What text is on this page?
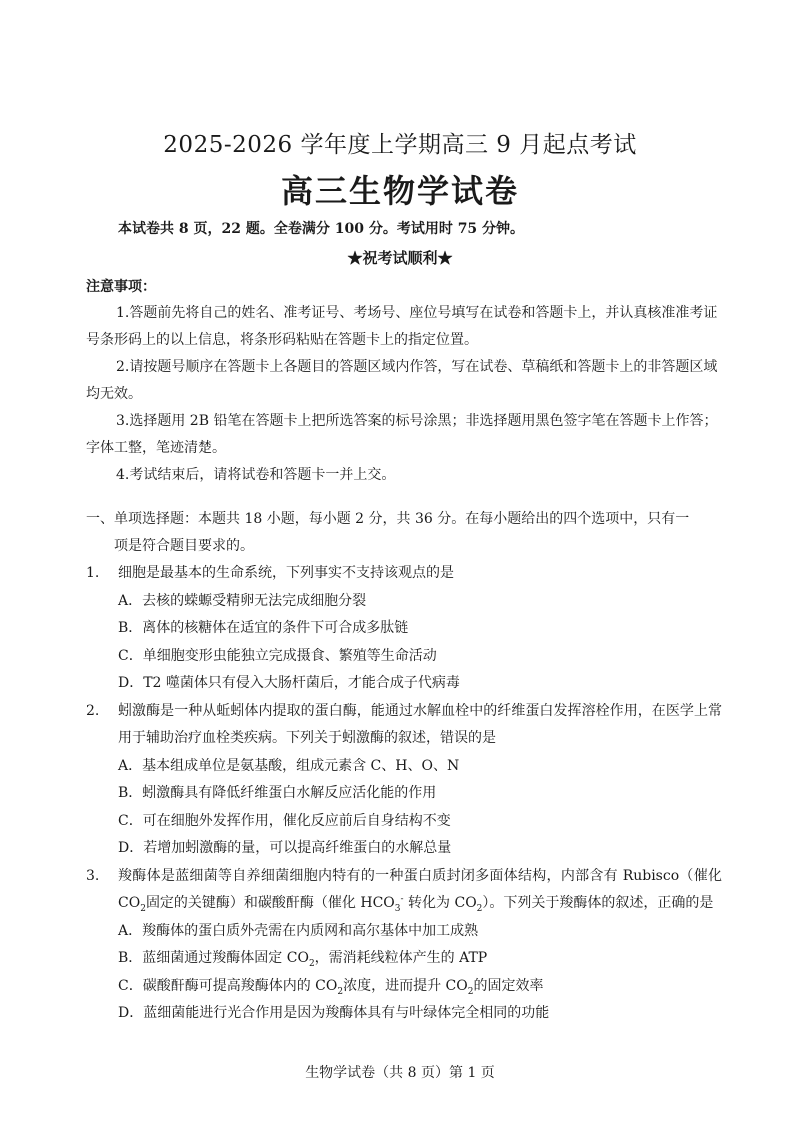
2025-2026 学年度上学期高三 9 月起点考试
高三生物学试卷
本试卷共 8 页，22 题。全卷满分 100 分。考试用时 75 分钟。
★祝考试顺利★
注意事项：

1.答题前先将自己的姓名、准考证号、考场号、座位号填写在试卷和答题卡上，并认真核准准考证号条形码上的以上信息，将条形码粘贴在答题卡上的指定位置。

2.请按题号顺序在答题卡上各题目的答题区域内作答，写在试卷、草稿纸和答题卡上的非答题区域均无效。

3.选择题用 2B 铅笔在答题卡上把所选答案的标号涂黑；非选择题用黑色签字笔在答题卡上作答；字体工整，笔迹清楚。

4.考试结束后，请将试卷和答题卡一并上交。

一、单项选择题：本题共 18 小题，每小题 2 分，共 36 分。在每小题给出的四个选项中，只有一
项是符合题目要求的。
1.	细胞是最基本的生命系统，下列事实不支持该观点的是
A．去核的蝾螈受精卵无法完成细胞分裂
B．离体的核糖体在适宜的条件下可合成多肽链
C．单细胞变形虫能独立完成摄食、繁殖等生命活动
D．T2 噬菌体只有侵入大肠杆菌后，才能合成子代病毒
2.	蚓激酶是一种从蚯蚓体内提取的蛋白酶，能通过水解血栓中的纤维蛋白发挥溶栓作用，在医学上常用于辅助治疗血栓类疾病。下列关于蚓激酶的叙述，错误的是
A．基本组成单位是氨基酸，组成元素含 C、H、O、N
B．蚓激酶具有降低纤维蛋白水解反应活化能的作用
C．可在细胞外发挥作用，催化反应前后自身结构不变
D．若增加蚓激酶的量，可以提高纤维蛋白的水解总量
3.	羧酶体是蓝细菌等自养细菌细胞内特有的一种蛋白质封闭多面体结构，内部含有 Rubisco（催化 $CO_2$固定的关键酶）和碳酸酐酶（催化 $HCO_3^-$ 转化为 $CO_2$）。下列关于羧酶体的叙述，正确的是
A．羧酶体的蛋白质外壳需在内质网和高尔基体中加工成熟
B．蓝细菌通过羧酶体固定 $CO_2$，需消耗线粒体产生的 ATP
C．碳酸酐酶可提高羧酶体内的 $CO_2$浓度，进而提升 $CO_2$的固定效率
D．蓝细菌能进行光合作用是因为羧酶体具有与叶绿体完全相同的功能
生物学试卷（共 8 页）第 1 页
